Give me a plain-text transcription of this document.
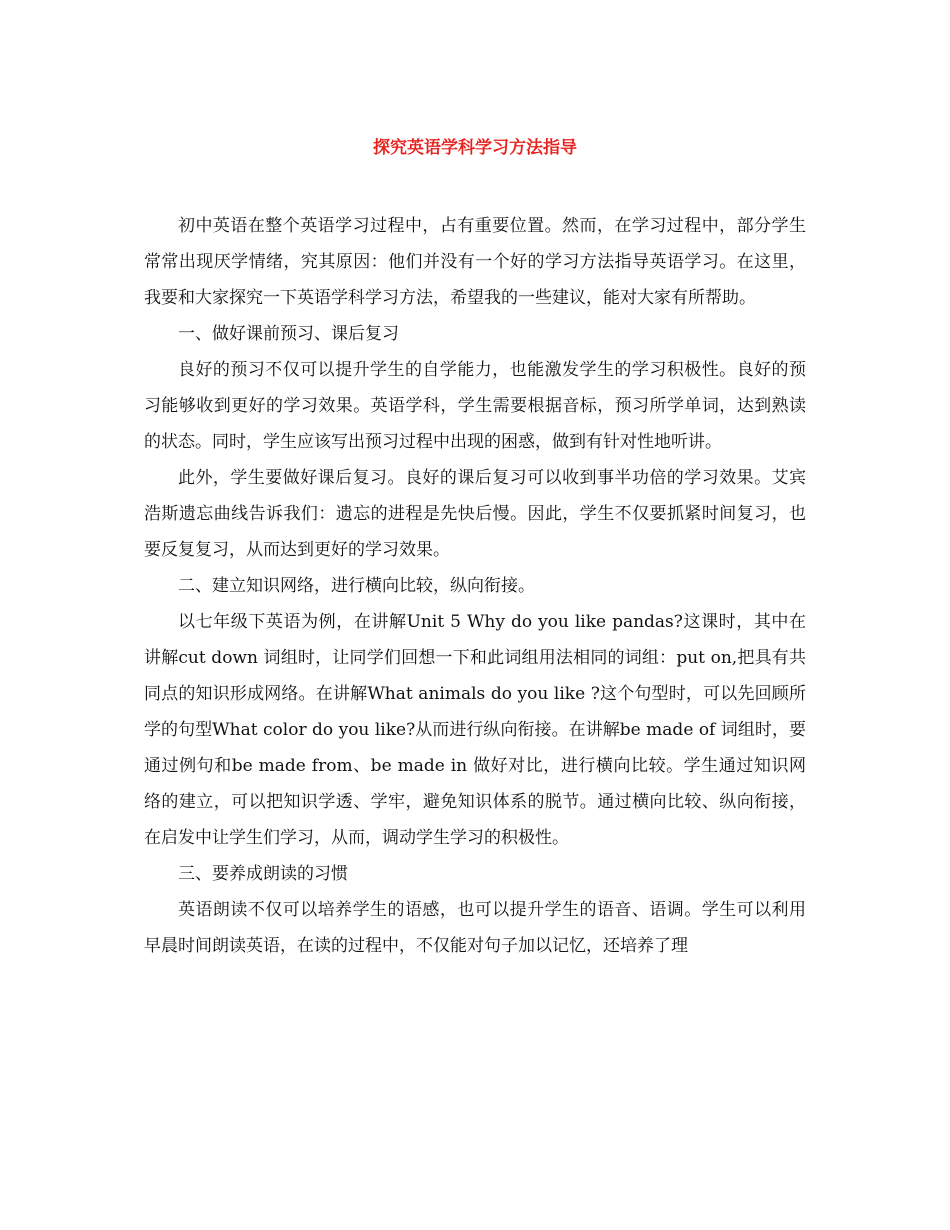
探究英语学科学习方法指导

初中英语在整个英语学习过程中，占有重要位置。然而，在学习过程中，部分学生常常出现厌学情绪，究其原因：他们并没有一个好的学习方法指导英语学习。在这里，我要和大家探究一下英语学科学习方法，希望我的一些建议，能对大家有所帮助。

一、做好课前预习、课后复习

良好的预习不仅可以提升学生的自学能力，也能激发学生的学习积极性。良好的预习能够收到更好的学习效果。英语学科，学生需要根据音标，预习所学单词，达到熟读的状态。同时，学生应该写出预习过程中出现的困惑，做到有针对性地听讲。

此外，学生要做好课后复习。良好的课后复习可以收到事半功倍的学习效果。艾宾浩斯遗忘曲线告诉我们：遗忘的进程是先快后慢。因此，学生不仅要抓紧时间复习，也要反复复习，从而达到更好的学习效果。

二、建立知识网络，进行横向比较，纵向衔接。

以七年级下英语为例，在讲解Unit 5 Why do you like pandas?这课时，其中在讲解cut down 词组时，让同学们回想一下和此词组用法相同的词组：put on,把具有共同点的知识形成网络。在讲解What animals do you like ?这个句型时，可以先回顾所学的句型What color do you like?从而进行纵向衔接。在讲解be made of 词组时，要通过例句和be made from、be made in 做好对比，进行横向比较。学生通过知识网络的建立，可以把知识学透、学牢，避免知识体系的脱节。通过横向比较、纵向衔接，在启发中让学生们学习，从而，调动学生学习的积极性。

三、要养成朗读的习惯

英语朗读不仅可以培养学生的语感，也可以提升学生的语音、语调。学生可以利用早晨时间朗读英语，在读的过程中，不仅能对句子加以记忆，还培养了理
